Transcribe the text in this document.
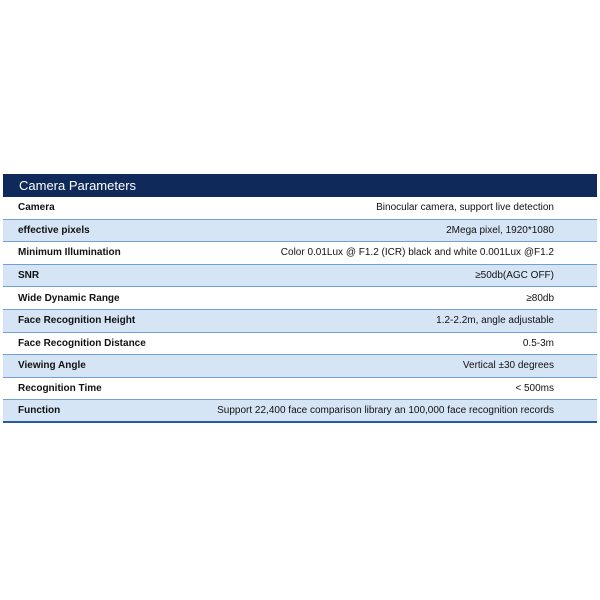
Camera Parameters
Camera	Binocular camera, support live detection
effective pixels	2Mega pixel, 1920*1080
Minimum Illumination	Color 0.01Lux @ F1.2 (ICR) black and white 0.001Lux @F1.2
SNR	≥50db(AGC OFF)
Wide Dynamic Range	≥80db
Face Recognition Height	1.2-2.2m, angle adjustable
Face Recognition Distance	0.5-3m
Viewing Angle	Vertical ±30 degrees
Recognition Time	< 500ms
Function	Support 22,400 face comparison library an 100,000 face recognition records
